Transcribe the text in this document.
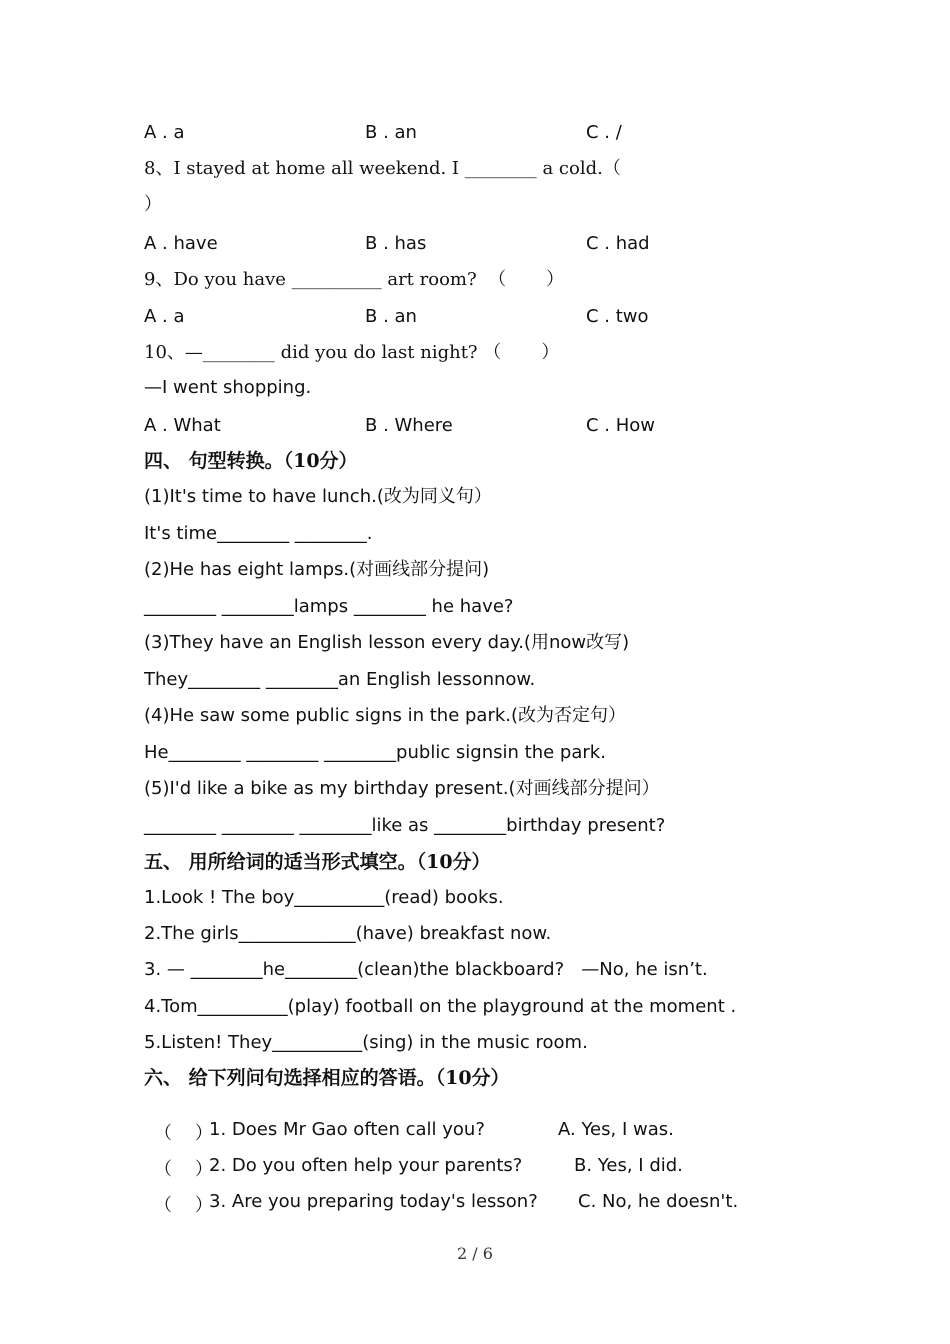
A . a	B . an	C . /
8、I stayed at home all weekend. I ________ a cold.（
）
A . have	B . has	C . had
9、Do you have __________ art room?  （       ）
A . a	B . an	C . two
10、—________ did you do last night? （       ）
—I went shopping.
A . What	B . Where	C . How
四、 句型转换。（10分）
(1)It's time to have lunch.(改为同义句）
It's time________ ________.
(2)He has eight lamps.(对画线部分提问)
________ ________lamps ________ he have?
(3)They have an English lesson every day.(用now改写)
They________ ________an English lessonnow.
(4)He saw some public signs in the park.(改为否定句）
He________ ________ ________public signsin the park.
(5)I'd like a bike as my birthday present.(对画线部分提问）
________ ________ ________like as ________birthday present?
五、 用所给词的适当形式填空。（10分）
1.Look ! The boy__________(read) books.
2.The girls_____________(have) breakfast now.
3. — ________he________(clean)the blackboard?   —No, he isn’t.
4.Tom__________(play) football on the playground at the moment .
5.Listen! They__________(sing) in the music room.
六、 给下列问句选择相应的答语。（10分）
（    ）
1. Does Mr Gao often call you?	A. Yes, I was.
（    ）
2. Do you often help your parents?	B. Yes, I did.
（    ）
3. Are you preparing today's lesson? C. No, he doesn't.
2 / 6
